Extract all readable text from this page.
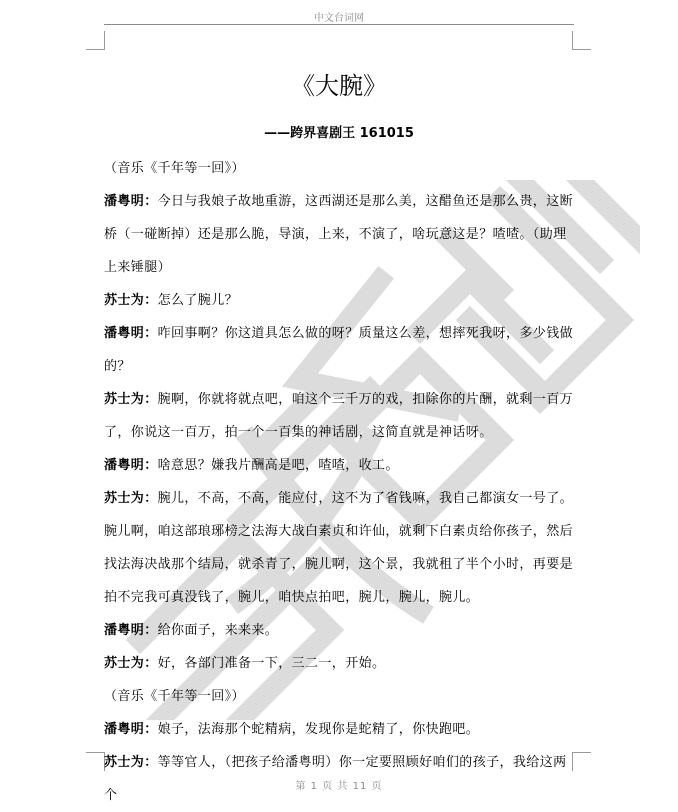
中文台词网
《大腕》
——跨界喜剧王 161015

（音乐《千年等一回》）

潘粤明：今日与我娘子故地重游，这西湖还是那么美，这醋鱼还是那么贵，这断桥（一碰断掉）还是那么脆，导演，上来，不演了，啥玩意这是？喳喳。（助理上来锤腿）

苏士为：怎么了腕儿？

潘粤明：咋回事啊？你这道具怎么做的呀？质量这么差，想摔死我呀，多少钱做的？

苏士为：腕啊，你就将就点吧，咱这个三千万的戏，扣除你的片酬，就剩一百万了，你说这一百万，拍一个一百集的神话剧，这简直就是神话呀。

潘粤明：啥意思？嫌我片酬高是吧，喳喳，收工。

苏士为：腕儿，不高，不高，能应付，这不为了省钱嘛，我自己都演女一号了。腕儿啊，咱这部琅琊榜之法海大战白素贞和许仙，就剩下白素贞给你孩子，然后找法海决战那个结局，就杀青了，腕儿啊，这个景，我就租了半个小时，再要是拍不完我可真没钱了，腕儿，咱快点拍吧，腕儿，腕儿，腕儿。

潘粤明：给你面子，来来来。

苏士为：好，各部门准备一下，三二一，开始。

（音乐《千年等一回》）

潘粤明：娘子，法海那个蛇精病，发现你是蛇精了，你快跑吧。

苏士为：等等官人，（把孩子给潘粤明）你一定要照顾好咱们的孩子，我给这两个

第 1 页 共 11 页
